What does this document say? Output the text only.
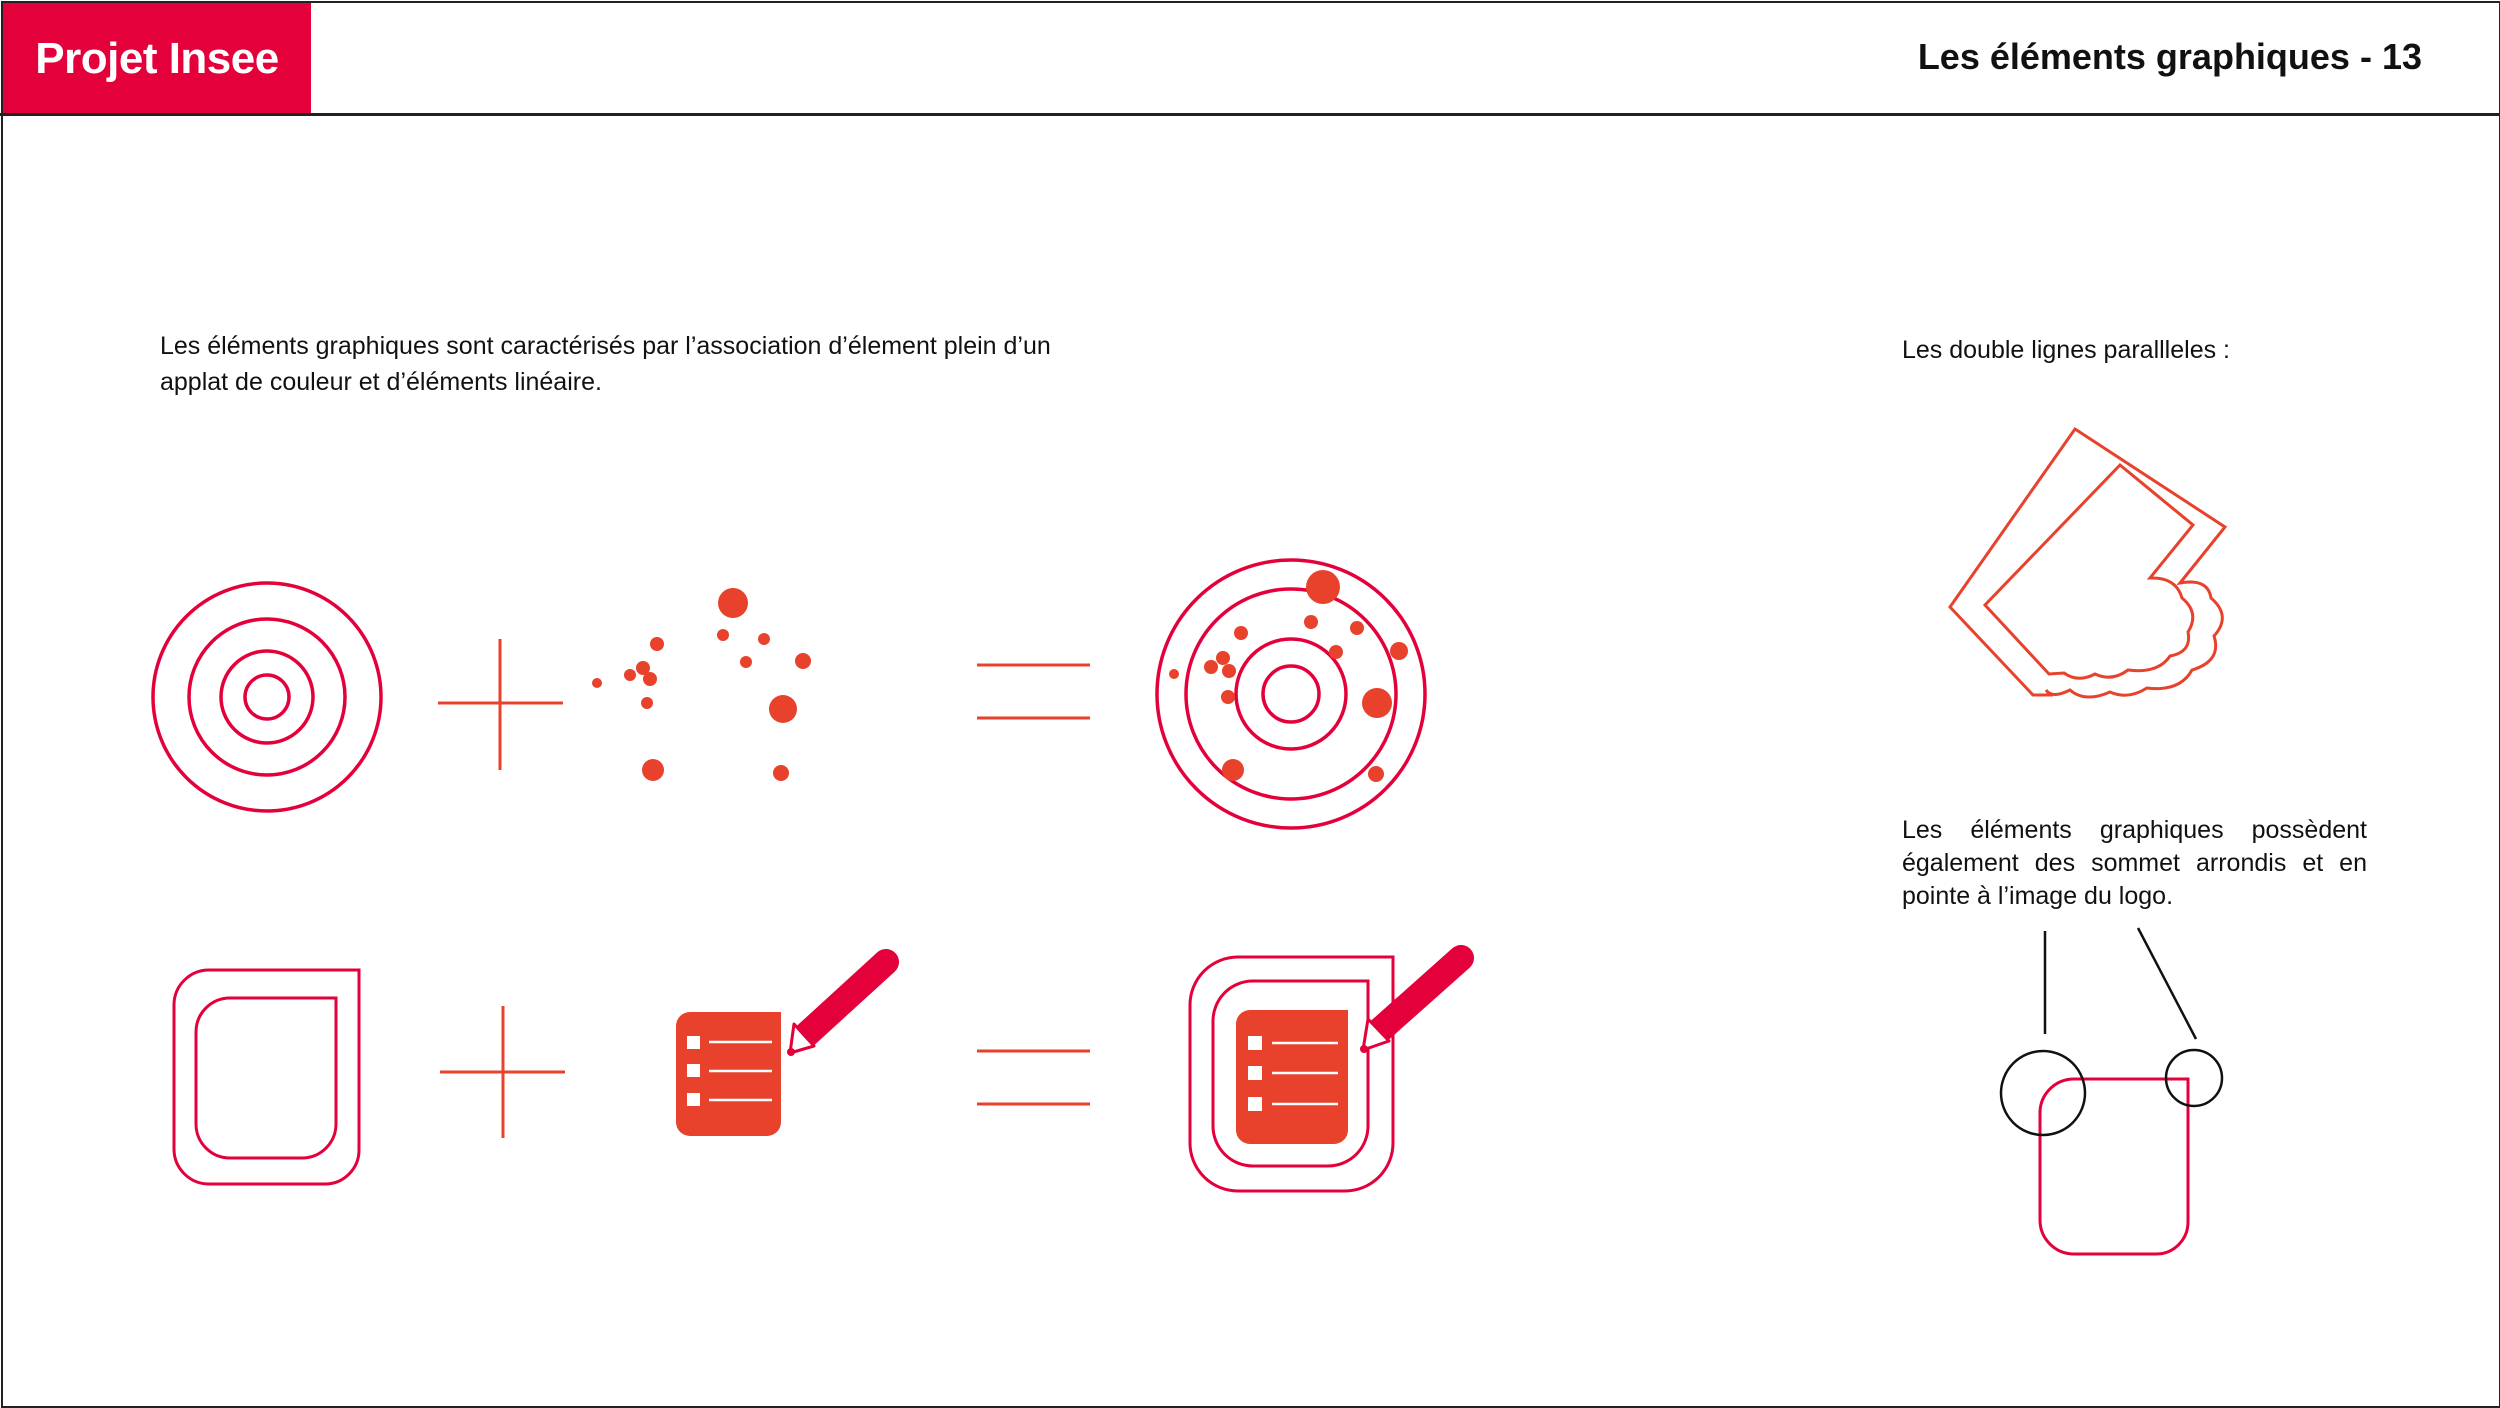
Projet Insee	Les éléments graphiques - 13
Les éléments graphiques sont caractérisés par l’association d’élement plein d’un applat de couleur et d’éléments linéaire.
Les double lignes parallleles :
Les éléments graphiques possèdent également des sommet arrondis et en pointe à l’image du logo.
